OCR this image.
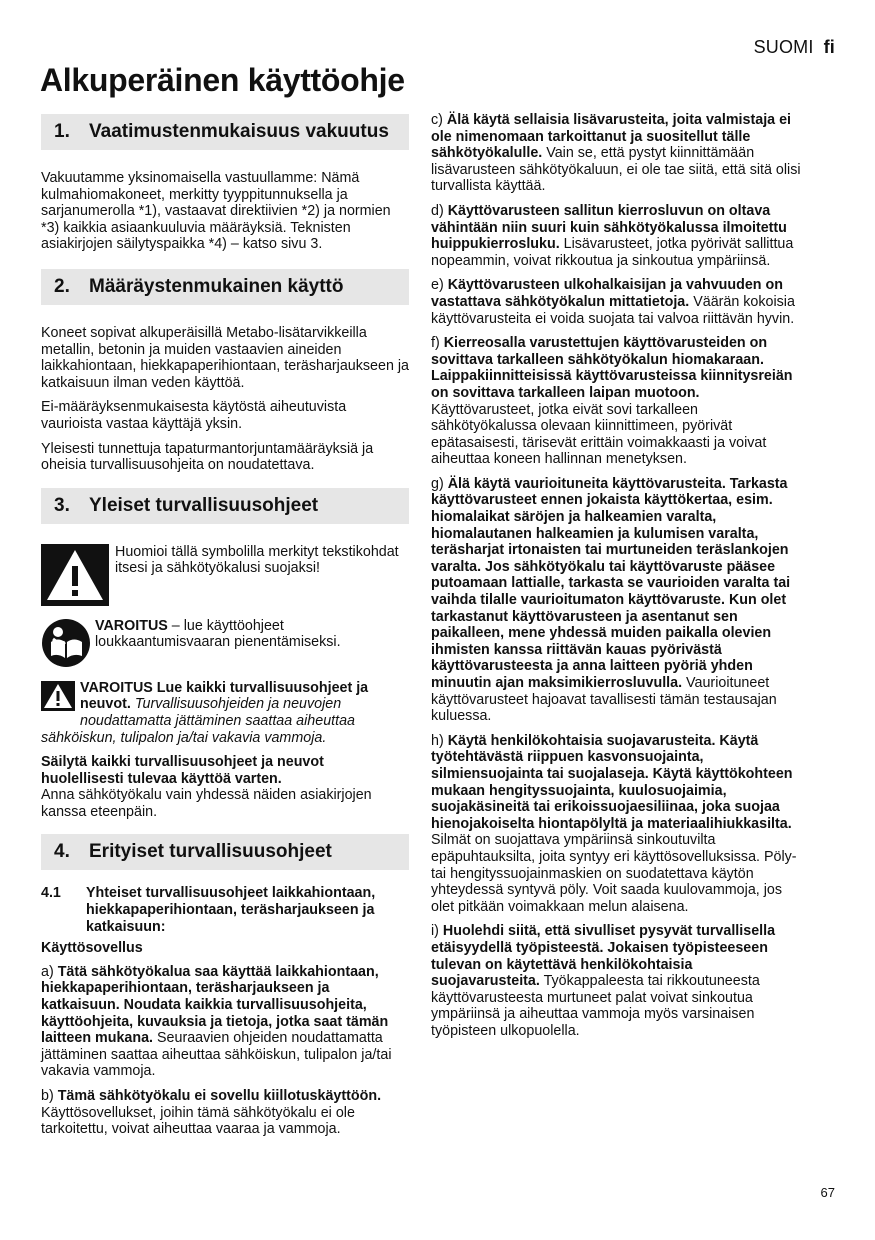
SUOMI fi
Alkuperäinen käyttöohje
1.	Vaatimustenmukaisuus vakuutus

Vakuutamme yksinomaisella vastuullamme: Nämä kulmahiomakoneet, merkitty tyyppitunnuksella ja sarjanumerolla *1), vastaavat direktiivien *2) ja normien *3) kaikkia asiaankuuluvia määräyksiä. Teknisten asiakirjojen säilytyspaikka *4) – katso sivu 3.

2.	Määräystenmukainen käyttö

Koneet sopivat alkuperäisillä Metabo-lisätarvikkeilla metallin, betonin ja muiden vastaavien aineiden laikkahiontaan, hiekkapaperihiontaan, teräsharjaukseen ja katkaisuun ilman veden käyttöä.

Ei-määräyksenmukaisesta käytöstä aiheutuvista vaurioista vastaa käyttäjä yksin.

Yleisesti tunnettuja tapaturmantorjuntamääräyksiä ja oheisia turvallisuusohjeita on noudatettava.

3.	Yleiset turvallisuusohjeet
Huomioi tällä symbolilla merkityt tekstikohdat itsesi ja sähkötyökalusi suojaksi!
VAROITUS – lue käyttöohjeet loukkaantumisvaaran pienentämiseksi.

VAROITUS Lue kaikki turvallisuusohjeet ja neuvot. Turvallisuusohjeiden ja neuvojen noudattamatta jättäminen saattaa aiheuttaa sähköiskun, tulipalon ja/tai vakavia vammoja.

Säilytä kaikki turvallisuusohjeet ja neuvot huolellisesti tulevaa käyttöä varten.
Anna sähkötyökalu vain yhdessä näiden asiakirjojen kanssa eteenpäin.

4.	Erityiset turvallisuusohjeet
4.1	Yhteiset turvallisuusohjeet laikkahiontaan, hiekkapaperihiontaan, teräsharjaukseen ja katkaisuun:
Käyttösovellus

a) Tätä sähkötyökalua saa käyttää laikkahiontaan, hiekkapaperihiontaan, teräsharjaukseen ja katkaisuun. Noudata kaikkia turvallisuusohjeita, käyttöohjeita, kuvauksia ja tietoja, jotka saat tämän laitteen mukana. Seuraavien ohjeiden noudattamatta jättäminen saattaa aiheuttaa sähköiskun, tulipalon ja/tai vakavia vammoja.

b) Tämä sähkötyökalu ei sovellu kiillotuskäyttöön. Käyttösovellukset, joihin tämä sähkötyökalu ei ole tarkoitettu, voivat aiheuttaa vaaraa ja vammoja.

c) Älä käytä sellaisia lisävarusteita, joita valmistaja ei ole nimenomaan tarkoittanut ja suositellut tälle sähkötyökalulle. Vain se, että pystyt kiinnittämään lisävarusteen sähkötyökaluun, ei ole tae siitä, että sitä olisi turvallista käyttää.

d) Käyttövarusteen sallitun kierrosluvun on oltava vähintään niin suuri kuin sähkötyökalussa ilmoitettu huippukierrosluku. Lisävarusteet, jotka pyörivät sallittua nopeammin, voivat rikkoutua ja sinkoutua ympäriinsä.

e) Käyttövarusteen ulkohalkaisijan ja vahvuuden on vastattava sähkötyökalun mittatietoja. Väärän kokoisia käyttövarusteita ei voida suojata tai valvoa riittävän hyvin.

f) Kierreosalla varustettujen käyttövarusteiden on sovittava tarkalleen sähkötyökalun hiomakaraan. Laippakiinnitteisissä käyttövarusteissa kiinnitysreiän on sovittava tarkalleen laipan muotoon. Käyttövarusteet, jotka eivät sovi tarkalleen sähkötyökalussa olevaan kiinnittimeen, pyörivät epätasaisesti, tärisevät erittäin voimakkaasti ja voivat aiheuttaa koneen hallinnan menetyksen.

g) Älä käytä vaurioituneita käyttövarusteita. Tarkasta käyttövarusteet ennen jokaista käyttökertaa, esim. hiomalaikat säröjen ja halkeamien varalta, hiomalautanen halkeamien ja kulumisen varalta, teräsharjat irtonaisten tai murtuneiden teräslankojen varalta. Jos sähkötyökalu tai käyttövaruste pääsee putoamaan lattialle, tarkasta se vaurioiden varalta tai vaihda tilalle vaurioitumaton käyttövaruste. Kun olet tarkastanut käyttövarusteen ja asentanut sen paikalleen, mene yhdessä muiden paikalla olevien ihmisten kanssa riittävän kauas pyörivästä käyttövarusteesta ja anna laitteen pyöriä yhden minuutin ajan maksimikierrosluvulla. Vaurioituneet käyttövarusteet hajoavat tavallisesti tämän testausajan kuluessa.

h) Käytä henkilökohtaisia suojavarusteita. Käytä työtehtävästä riippuen kasvonsuojainta, silmiensuojainta tai suojalaseja. Käytä käyttökohteen mukaan hengityssuojainta, kuulosuojaimia, suojakäsineitä tai erikoissuojaesiliinaa, joka suojaa hienojakoiselta hiontapölyltä ja materiaalihiukkasilta. Silmät on suojattava ympäriinsä sinkoutuvilta epäpuhtauksilta, joita syntyy eri käyttösovelluksissa. Pöly- tai hengityssuojainmaskien on suodatettava käytön yhteydessä syntyvä pöly. Voit saada kuulovammoja, jos olet pitkään voimakkaan melun alaisena.

i) Huolehdi siitä, että sivulliset pysyvät turvallisella etäisyydellä työpisteestä. Jokaisen työpisteeseen tulevan on käytettävä henkilökohtaisia suojavarusteita. Työkappaleesta tai rikkoutuneesta käyttövarusteesta murtuneet palat voivat sinkoutua ympäriinsä ja aiheuttaa vammoja myös varsinaisen työpisteen ulkopuolella.

67
